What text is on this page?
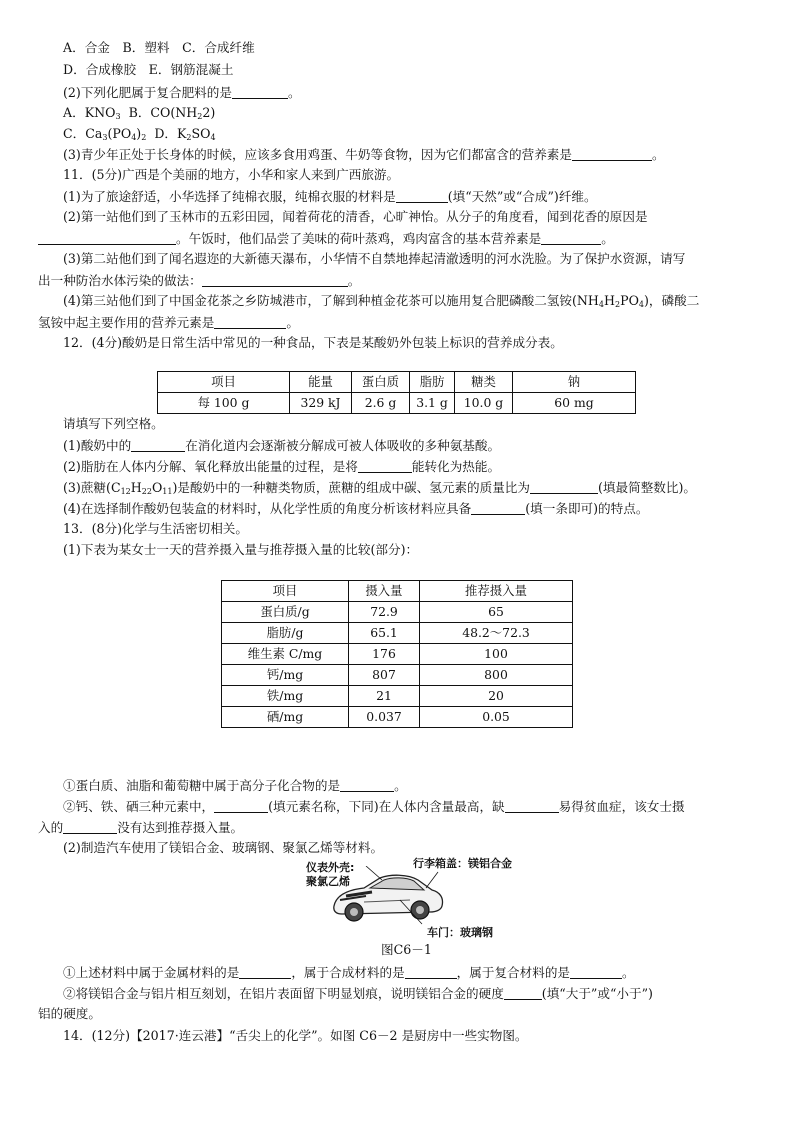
A．合金　B．塑料　C．合成纤维
D．合成橡胶　E．钢筋混凝土
(2)下列化肥属于复合肥料的是	。
A．$KNO_3$ B．$CO(NH_22)$
C．$Ca_3(PO_4)_2$ D．$K_2SO_4$
(3)青少年正处于长身体的时候，应该多食用鸡蛋、牛奶等食物，因为它们都富含的营养素是	。
11．(5分)广西是个美丽的地方，小华和家人来到广西旅游。
(1)为了旅途舒适，小华选择了纯棉衣服，纯棉衣服的材料是	(填“天然”或“合成”)纤维。
(2)第一站他们到了玉林市的五彩田园，闻着荷花的清香，心旷神怡。从分子的角度看，闻到花香的原因是
。午饭时，他们品尝了美味的荷叶蒸鸡，鸡肉富含的基本营养素是	。
(3)第二站他们到了闻名遐迩的大新德天瀑布，小华情不自禁地捧起清澈透明的河水洗脸。为了保护水资源，请写
出一种防治水体污染的做法：	。
(4)第三站他们到了中国金花茶之乡防城港市，了解到种植金花茶可以施用复合肥磷酸二氢铵$(NH_4H_2PO_4)$，磷酸二
氢铵中起主要作用的营养元素是	。
12．(4分)酸奶是日常生活中常见的一种食品，下表是某酸奶外包装上标识的营养成分表。
项目	能量	蛋白质	脂肪	糖类	钠
每 100 g	329 kJ	2.6 g	3.1 g	10.0 g	60 mg
请填写下列空格。
(1)酸奶中的	在消化道内会逐渐被分解成可被人体吸收的多种氨基酸。
(2)脂肪在人体内分解、氧化释放出能量的过程，是将	能转化为热能。
(3)蔗糖$(C_{12}H_{22}O_{11})$是酸奶中的一种糖类物质，蔗糖的组成中碳、氢元素的质量比为	(填最简整数比)。
(4)在选择制作酸奶包装盒的材料时，从化学性质的角度分析该材料应具备	(填一条即可)的特点。
13．(8分)化学与生活密切相关。
(1)下表为某女士一天的营养摄入量与推荐摄入量的比较(部分)：
项目	摄入量	推荐摄入量
蛋白质/g	72.9	65
脂肪/g	65.1	48.2～72.3
维生素 C/mg	176	100
钙/mg	807	800
铁/mg	21	20
硒/mg	0.037	0.05
①蛋白质、油脂和葡萄糖中属于高分子化合物的是	。
②钙、铁、硒三种元素中，	(填元素名称，下同)在人体内含量最高，缺	易得贫血症，该女士摄
入的	没有达到推荐摄入量。
(2)制造汽车使用了镁铝合金、玻璃钢、聚氯乙烯等材料。
仪表外壳:
聚氯乙烯
行李箱盖：镁铝合金
车门：玻璃钢
图C6－1
①上述材料中属于金属材料的是	，属于合成材料的是	，属于复合材料的是	。
②将镁铝合金与铝片相互刻划，在铝片表面留下明显划痕，说明镁铝合金的硬度	(填“大于”或“小于”)
铝的硬度。
14．(12分)【2017·连云港】“舌尖上的化学”。如图 C6－2 是厨房中一些实物图。
